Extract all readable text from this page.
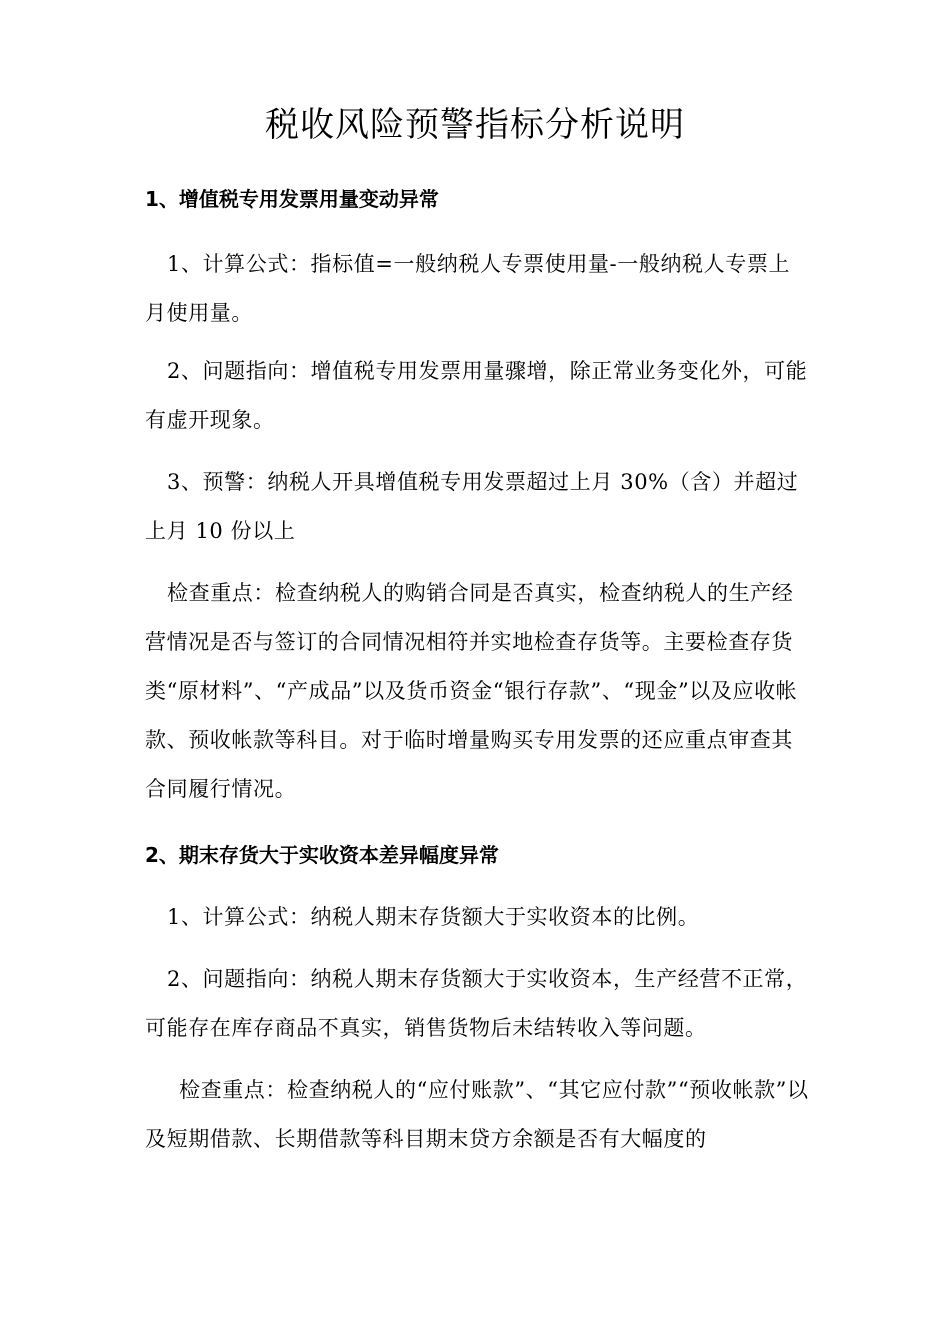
税收风险预警指标分析说明
1、增值税专用发票用量变动异常

1、计算公式：指标值=一般纳税人专票使用量-一般纳税人专票上月使用量。

2、问题指向：增值税专用发票用量骤增，除正常业务变化外，可能有虚开现象。

3、预警：纳税人开具增值税专用发票超过上月 30%（含）并超过上月 10 份以上

检查重点：检查纳税人的购销合同是否真实，检查纳税人的生产经营情况是否与签订的合同情况相符并实地检查存货等。主要检查存货类“原材料”、“产成品”以及货币资金“银行存款”、“现金”以及应收帐款、预收帐款等科目。对于临时增量购买专用发票的还应重点审查其合同履行情况。

2、期末存货大于实收资本差异幅度异常

1、计算公式：纳税人期末存货额大于实收资本的比例。

2、问题指向：纳税人期末存货额大于实收资本，生产经营不正常，可能存在库存商品不真实，销售货物后未结转收入等问题。

检查重点：检查纳税人的“应付账款”、“其它应付款”“预收帐款”以及短期借款、长期借款等科目期末贷方余额是否有大幅度的
